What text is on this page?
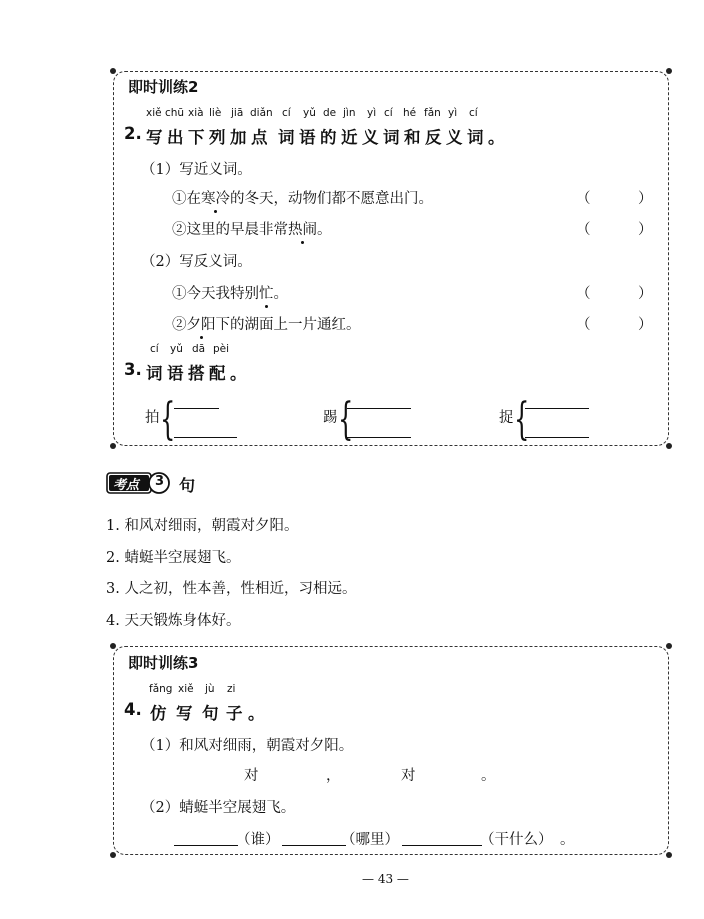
即时训练2
xiě chū xià liè jiā diǎn cí yǔ de jìn yì cí hé fǎn yì cí
2. 写 出 下 列 加 点 词 语 的 近 义 词 和 反 义 词 。
（1）写近义词。
①在寒冷的冬天，动物们都不愿意出门。	（	）
②这里的早晨非常热闹。	（	）
（2）写反义词。
①今天我特别忙。	（	）
②夕阳下的湖面上一片通红。	（	）
cí yǔ dā pèi
3. 词 语 搭 配 。
拍 {	踢 {	捉 {
考点 3 句
1. 和风对细雨，朝霞对夕阳。
2. 蜻蜓半空展翅飞。
3. 人之初，性本善，性相近，习相远。
4. 天天锻炼身体好。
即时训练3
fǎng xiě jù zi
4. 仿 写 句 子 。
（1）和风对细雨，朝霞对夕阳。
对	，	对	。
（2）蜻蜓半空展翅飞。
（谁）	（哪里）	（干什么） 。
— 43 —
